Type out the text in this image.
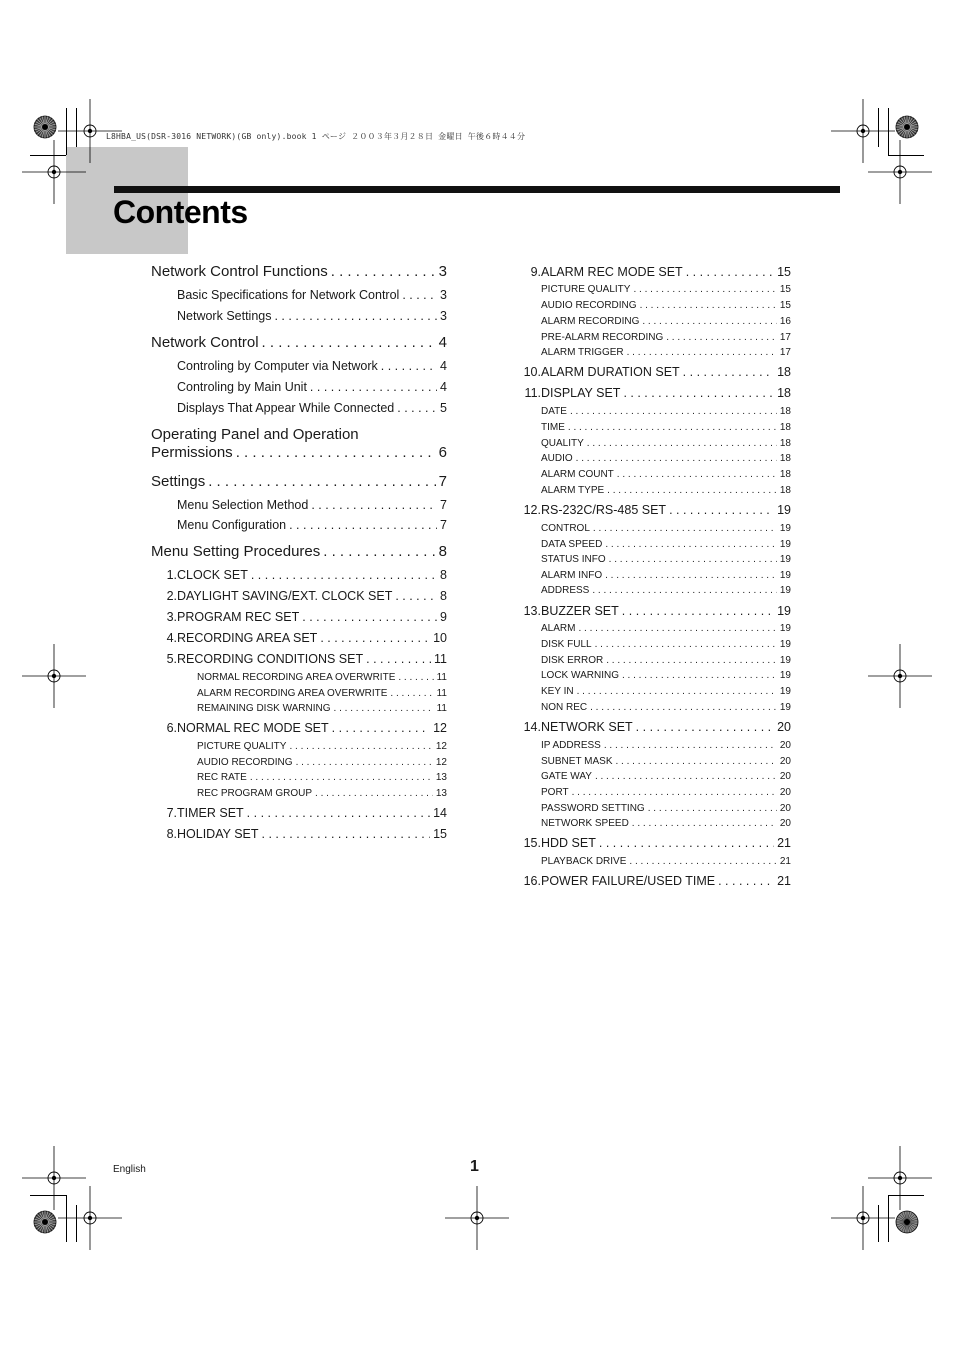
L8HBA_US(DSR-3016 NETWORK)(GB only).book 1 ページ ２００３年３月２８日 金曜日 午後６時４４分
Contents
Network Control Functions . . .	3
Basic Specifications for Network Control . . .	3
Network Settings . . .	3
Network Control . . .	4
Controling by Computer via Network . . .	4
Controling by Main Unit . . .	4
Displays That Appear While Connected . . .	5
Operating Panel and Operation
Permissions . . .	6
Settings . . .	7
Menu Selection Method . . .	7
Menu Configuration . . .	7
Menu Setting Procedures . . .	8
1. CLOCK SET . . .	8
2. DAYLIGHT SAVING/EXT. CLOCK SET . . .	8
3. PROGRAM REC SET . . .	9
4. RECORDING AREA SET . . .	10
5. RECORDING CONDITIONS SET . . .	11
NORMAL RECORDING AREA OVERWRITE . . .	11
ALARM RECORDING AREA OVERWRITE . . .	11
REMAINING DISK WARNING . . .	11
6. NORMAL REC MODE SET . . .	12
PICTURE QUALITY . . .	12
AUDIO RECORDING . . .	12
REC RATE . . .	13
REC PROGRAM GROUP . . .	13
7. TIMER SET . . .	14
8. HOLIDAY SET . . .	15
9. ALARM REC MODE SET . . .	15
PICTURE QUALITY . . .	15
AUDIO RECORDING . . .	15
ALARM RECORDING . . .	16
PRE-ALARM RECORDING . . .	17
ALARM TRIGGER . . .	17
10. ALARM DURATION SET . . .	18
11. DISPLAY SET . . .	18
DATE . . .	18
TIME . . .	18
QUALITY . . .	18
AUDIO . . .	18
ALARM COUNT . . .	18
ALARM TYPE . . .	18
12. RS-232C/RS-485 SET . . .	19
CONTROL . . .	19
DATA SPEED . . .	19
STATUS INFO . . .	19
ALARM INFO . . .	19
ADDRESS . . .	19
13. BUZZER SET . . .	19
ALARM . . .	19
DISK FULL . . .	19
DISK ERROR . . .	19
LOCK WARNING . . .	19
KEY IN . . .	19
NON REC . . .	19
14. NETWORK SET . . .	20
IP ADDRESS . . .	20
SUBNET MASK . . .	20
GATE WAY . . .	20
PORT . . .	20
PASSWORD SETTING . . .	20
NETWORK SPEED . . .	20
15. HDD SET . . .	21
PLAYBACK DRIVE . . .	21
16. POWER FAILURE/USED TIME . . .	21
English	1
